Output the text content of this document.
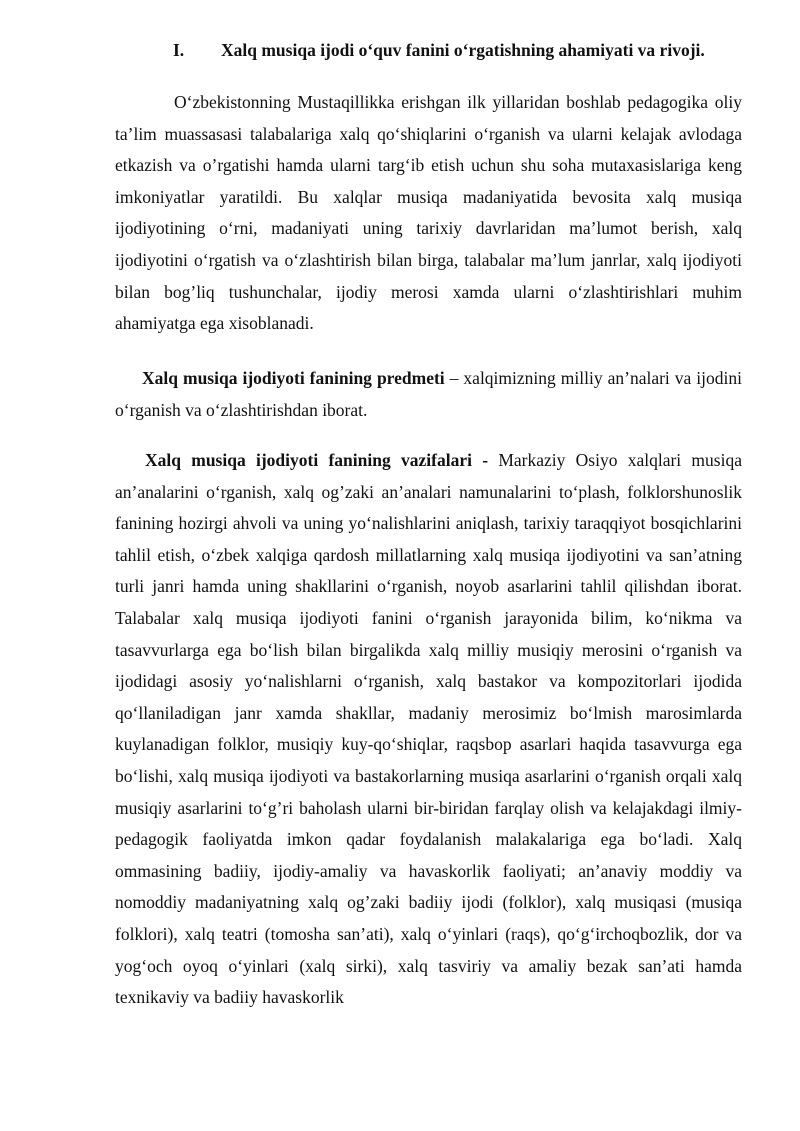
I. Xalq musiqa ijodi o‘quv fanini o‘rgatishning ahamiyati va rivoji.

O‘zbekistonning Mustaqillikka erishgan ilk yillaridan boshlab pedagogika oliy ta’lim muassasasi talabalariga xalq qo‘shiqlarini o‘rganish va ularni kelajak avlodaga etkazish va o’rgatishi hamda ularni targ‘ib etish uchun shu soha mutaxasislariga keng imkoniyatlar yaratildi. Bu xalqlar musiqa madaniyatida bevosita xalq musiqa ijodiyotining o‘rni, madaniyati uning tarixiy davrlaridan ma’lumot berish, xalq ijodiyotini o‘rgatish va o‘zlashtirish bilan birga, talabalar ma’lum janrlar, xalq ijodiyoti bilan bog’liq tushunchalar, ijodiy merosi xamda ularni o‘zlashtirishlari muhim ahamiyatga ega xisoblanadi.

Xalq musiqa ijodiyoti fanining predmeti – xalqimizning milliy an’nalari va ijodini o‘rganish va o‘zlashtirishdan iborat.

Xalq musiqa ijodiyoti fanining vazifalari - Markaziy Osiyo xalqlari musiqa an’analarini o‘rganish, xalq og’zaki an’analari namunalarini to‘plash, folklorshunoslik fanining hozirgi ahvoli va uning yo‘nalishlarini aniqlash, tarixiy taraqqiyot bosqichlarini tahlil etish, o‘zbek xalqiga qardosh millatlarning xalq musiqa ijodiyotini va san’atning turli janri hamda uning shakllarini o‘rganish, noyob asarlarini tahlil qilishdan iborat. Talabalar xalq musiqa ijodiyoti fanini o‘rganish jarayonida bilim, ko‘nikma va tasavvurlarga ega bo‘lish bilan birgalikda xalq milliy musiqiy merosini o‘rganish va ijodidagi asosiy yo‘nalishlarni o‘rganish, xalq bastakor va kompozitorlari ijodida qo‘llaniladigan janr xamda shakllar, madaniy merosimiz bo‘lmish marosimlarda kuylanadigan folklor, musiqiy kuy-qo‘shiqlar, raqsbop asarlari haqida tasavvurga ega bo‘lishi, xalq musiqa ijodiyoti va bastakorlarning musiqa asarlarini o‘rganish orqali xalq musiqiy asarlarini to‘g’ri baholash ularni bir-biridan farqlay olish va kelajakdagi ilmiy-pedagogik faoliyatda imkon qadar foydalanish malakalariga ega bo‘ladi. Xalq ommasining badiiy, ijodiy-amaliy va havaskorlik faoliyati; an’anaviy moddiy va nomoddiy madaniyatning xalq og’zaki badiiy ijodi (folklor), xalq musiqasi (musiqa folklori), xalq teatri (tomosha san’ati), xalq o‘yinlari (raqs), qo‘g‘irchoqbozlik, dor va yog‘och oyoq o‘yinlari (xalq sirki), xalq tasviriy va amaliy bezak san’ati hamda texnikaviy va badiiy havaskorlik
